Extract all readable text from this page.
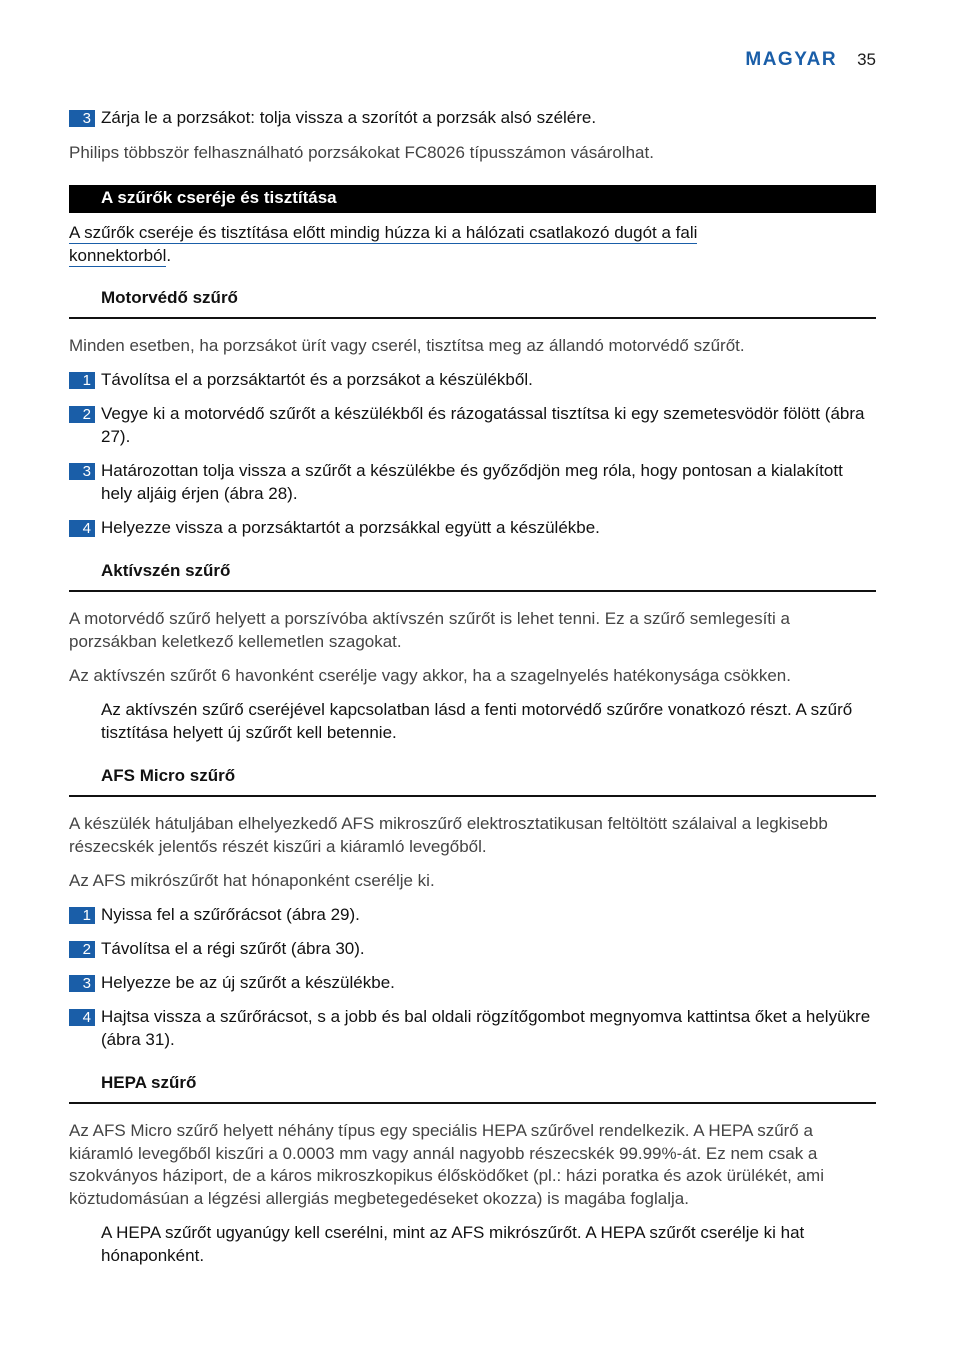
MAGYAR 35
3 Zárja le a porzsákot: tolja vissza a szorítót a porzsák alsó szélére.
Philips többször felhasználható porzsákokat FC8026 típusszámon vásárolhat.
A szűrők cseréje és tisztítása
A szűrők cseréje és tisztítása előtt mindig húzza ki a hálózati csatlakozó dugót a fali
konnektorból.
Motorvédő szűrő
Minden esetben, ha porzsákot ürít vagy cserél, tisztítsa meg az állandó motorvédő szűrőt.
1 Távolítsa el a porzsáktartót és a porzsákot a készülékből.
2 Vegye ki a motorvédő szűrőt a készülékből és rázogatással tisztítsa ki egy szemetesvödör fölött (ábra 27).
3 Határozottan tolja vissza a szűrőt a készülékbe és győződjön meg róla, hogy pontosan a kialakított hely aljáig érjen (ábra 28).
4 Helyezze vissza a porzsáktartót a porzsákkal együtt a készülékbe.
Aktívszén szűrő
A motorvédő szűrő helyett a porszívóba aktívszén szűrőt is lehet tenni. Ez a szűrő semlegesíti a porzsákban keletkező kellemetlen szagokat.
Az aktívszén szűrőt 6 havonként cserélje vagy akkor, ha a szagelnyelés hatékonysága csökken.
Az aktívszén szűrő cseréjével kapcsolatban lásd a fenti motorvédő szűrőre vonatkozó részt. A szűrő tisztítása helyett új szűrőt kell betennie.
AFS Micro szűrő
A készülék hátuljában elhelyezkedő AFS mikroszűrő elektrosztatikusan feltöltött szálaival a legkisebb részecskék jelentős részét kiszűri a kiáramló levegőből.
Az AFS mikrószűrőt hat hónaponként cserélje ki.
1 Nyissa fel a szűrőrácsot (ábra 29).
2 Távolítsa el a régi szűrőt (ábra 30).
3 Helyezze be az új szűrőt a készülékbe.
4 Hajtsa vissza a szűrőrácsot, s a jobb és bal oldali rögzítőgombot megnyomva kattintsa őket a helyükre (ábra 31).
HEPA szűrő
Az AFS Micro szűrő helyett néhány típus egy speciális HEPA szűrővel rendelkezik. A HEPA szűrő a kiáramló levegőből kiszűri a 0.0003 mm vagy annál nagyobb részecskék 99.99%-át. Ez nem csak a szokványos háziport, de a káros mikroszkopikus élősködőket (pl.: házi poratka és azok ürülékét, ami köztudomásúan a légzési allergiás megbetegedéseket okozza) is magába foglalja.
A HEPA szűrőt ugyanúgy kell cserélni, mint az AFS mikrószűrőt. A HEPA szűrőt cserélje ki hat hónaponként.
